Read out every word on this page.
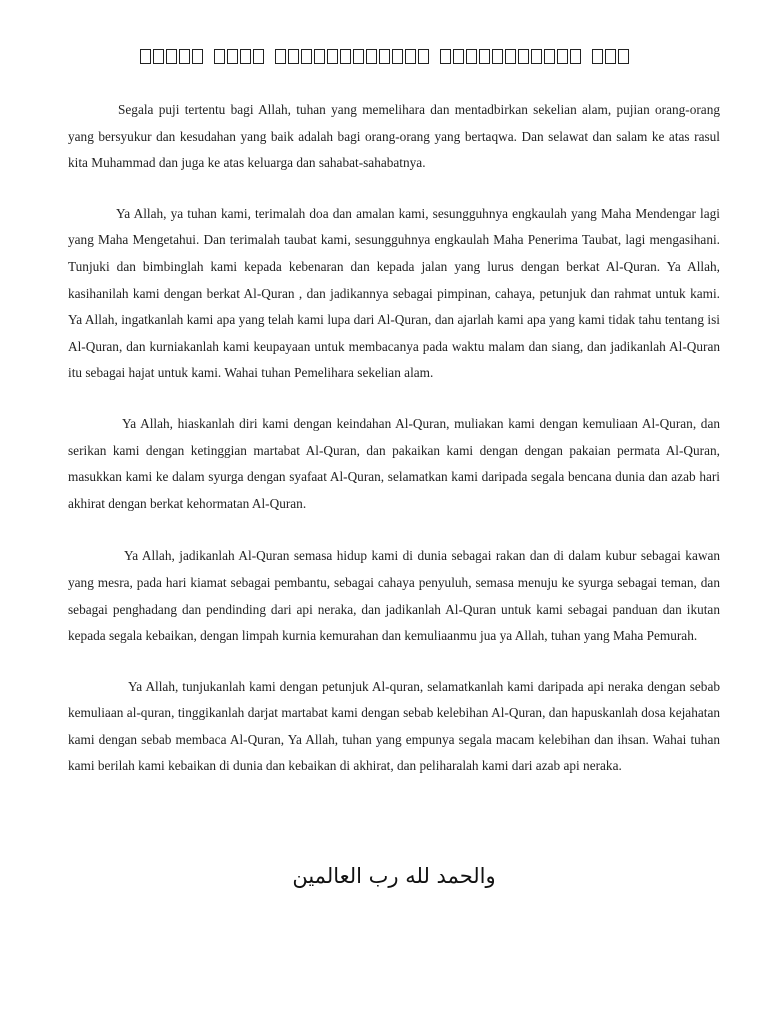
Segala puji tertentu bagi Allah, tuhan yang memelihara dan mentadbirkan sekelian alam, pujian orang-orang yang bersyukur dan kesudahan yang baik adalah bagi orang-orang yang bertaqwa. Dan selawat dan salam ke atas rasul kita Muhammad dan juga ke atas keluarga dan sahabat-sahabatnya.

Ya Allah, ya tuhan kami, terimalah doa dan amalan kami, sesungguhnya engkaulah yang Maha Mendengar lagi yang Maha Mengetahui. Dan terimalah taubat kami, sesungguhnya engkaulah Maha Penerima Taubat, lagi mengasihani. Tunjuki dan bimbinglah kami kepada kebenaran dan kepada jalan yang lurus dengan berkat Al-Quran. Ya Allah, kasihanilah kami dengan berkat Al-Quran , dan jadikannya sebagai pimpinan, cahaya, petunjuk dan rahmat untuk kami. Ya Allah, ingatkanlah kami apa yang telah kami lupa dari Al-Quran, dan ajarlah kami apa yang kami tidak tahu tentang isi Al-Quran, dan kurniakanlah kami keupayaan untuk membacanya pada waktu malam dan siang, dan jadikanlah Al-Quran itu sebagai hajat untuk kami. Wahai tuhan Pemelihara sekelian alam.

Ya Allah, hiaskanlah diri kami dengan keindahan Al-Quran, muliakan kami dengan kemuliaan Al-Quran, dan serikan kami dengan ketinggian martabat Al-Quran, dan pakaikan kami dengan dengan pakaian permata Al-Quran, masukkan kami ke dalam syurga dengan syafaat Al-Quran, selamatkan kami daripada segala bencana dunia dan azab hari akhirat dengan berkat kehormatan Al-Quran.

Ya Allah, jadikanlah Al-Quran semasa hidup kami di dunia sebagai rakan dan di dalam kubur sebagai kawan yang mesra, pada hari kiamat sebagai pembantu, sebagai cahaya penyuluh, semasa menuju ke syurga sebagai teman, dan sebagai penghadang dan pendinding dari api neraka, dan jadikanlah Al-Quran untuk kami sebagai panduan dan ikutan kepada segala kebaikan, dengan limpah kurnia kemurahan dan kemuliaanmu jua ya Allah, tuhan yang Maha Pemurah.

Ya Allah, tunjukanlah kami dengan petunjuk Al-quran, selamatkanlah kami daripada api neraka dengan sebab kemuliaan al-quran, tinggikanlah darjat martabat kami dengan sebab kelebihan Al-Quran, dan hapuskanlah dosa kejahatan kami dengan sebab membaca Al-Quran, Ya Allah, tuhan yang empunya segala macam kelebihan dan ihsan. Wahai tuhan kami berilah kami kebaikan di dunia dan kebaikan di akhirat, dan peliharalah kami dari azab api neraka.

والحمد لله رب العالمين
